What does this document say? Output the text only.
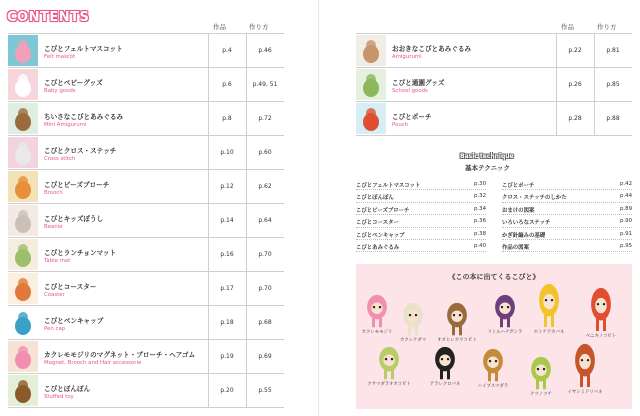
CONTENTS
作品	作り方
こびとフェルトマスコット
Felt mascot
p.4	p.46
こびとベビーグッズ
Baby goods
p.6	p.49, 51
ちいさなこびとあみぐるみ
Mini Amigurumi
p.8	p.72
こびとクロス・ステッチ
Cross stitch
p.10	p.60
こびとビーズブローチ
Brooch
p.12	p.62
こびとキッズぼうし
Beanie
p.14	p.64
こびとランチョンマット
Table mat
p.16	p.70
こびとコースター
Coaster
p.17	p.70
こびとペンキャップ
Pen cap
p.18	p.68
カクレモモジリのマグネット・ブローチ・ヘアゴム
Magnet, Brooch and Hair accessorie
p.19	p.69
こびとぽんぽん
Stuffed toy
p.20	p.55
作品	作り方
おおきなこびとあみぐるみ
Amigurumi
p.22	p.81
こびと通園グッズ
School goods
p.26	p.85
こびとポーチ
Pouch
p.28	p.88
Basic technique
基本テクニック
こびとフェルトマスコット	p.30
こびとぽんぽん	p.32
こびとビーズブローチ	p.34
こびとコースター	p.36
こびとペンキャップ	p.38
こびとあみぐるみ	p.40
こびとポーチ	p.42
クロス・ステッチのしかた	p.44
おまけの図案	p.89
いろいろなステッチ	p.90
かぎ針編みの基礎	p.91
作品の図案	p.95
《この本に出てくるこびと》
カクレモモジリ
カクレケダマ	オオヒレカワコビト
リトルハナガシラ	ホトケアカバネ
ベニキノコビト
クサマダラオオコビト	アラレクロバネ	ハイブスマダラ
ナツノツチ	イヤシミドリバネ
